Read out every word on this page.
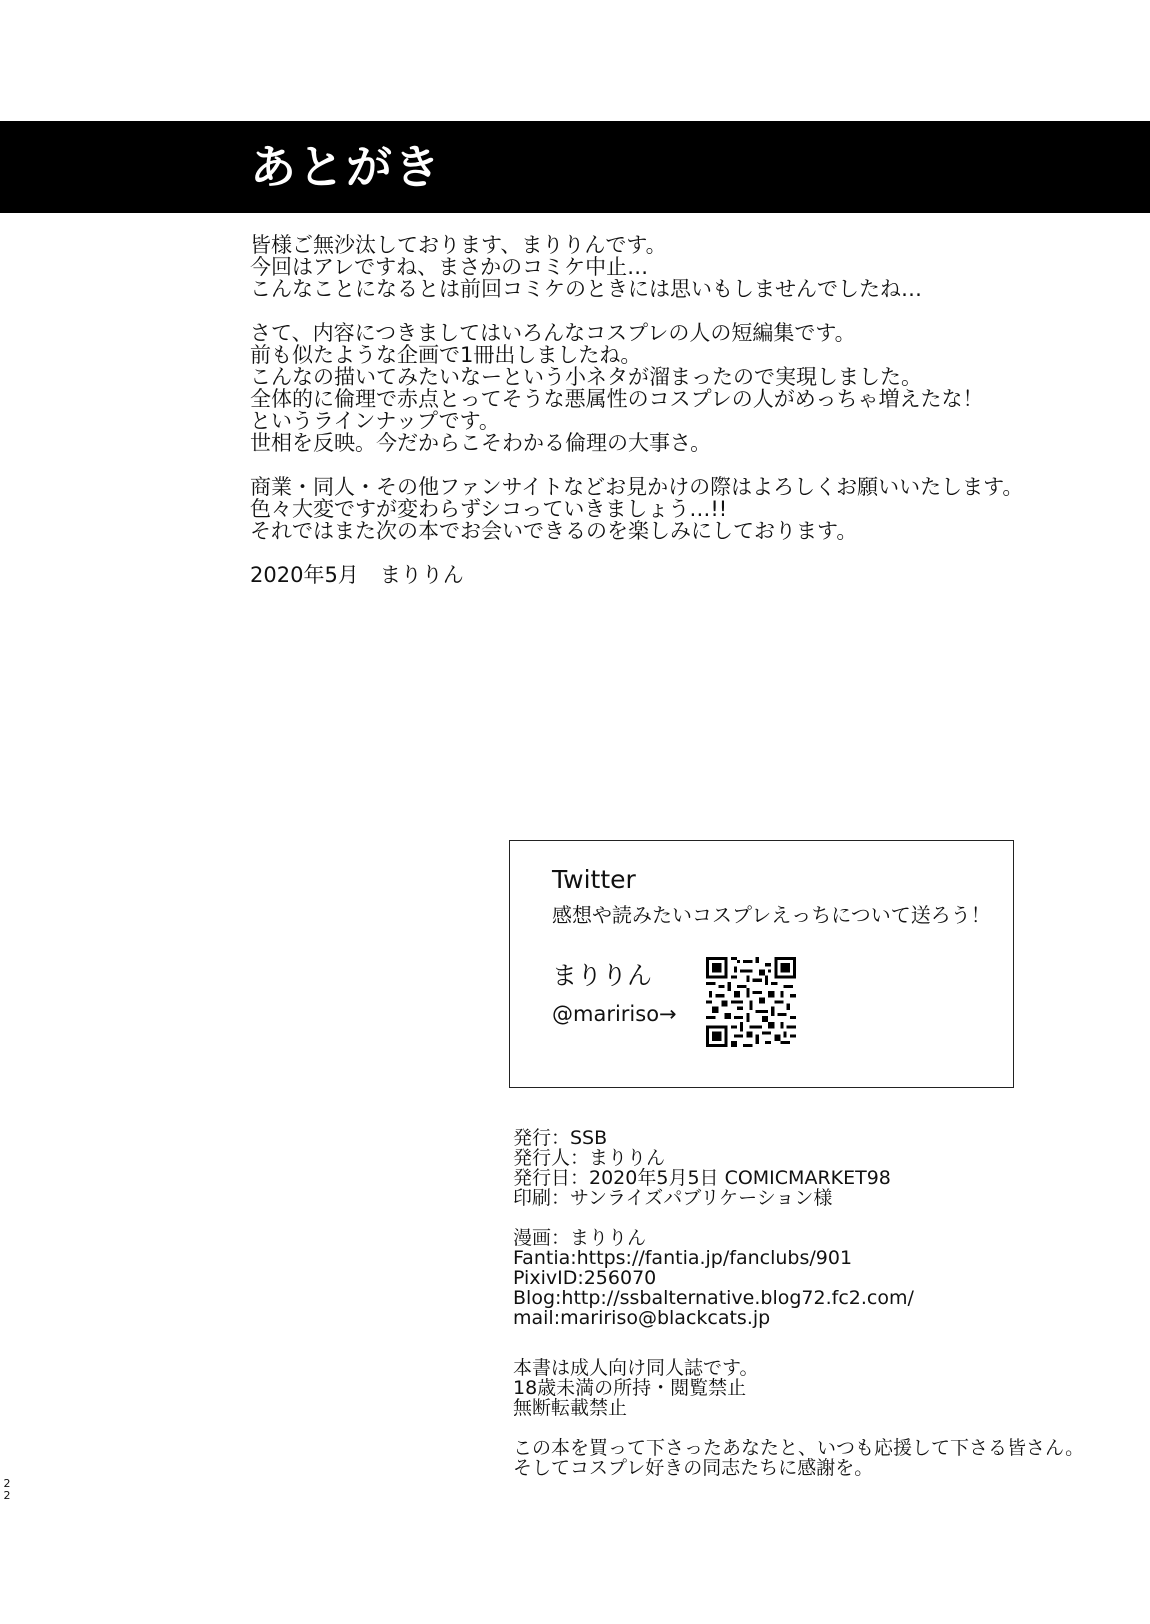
あとがき

皆様ご無沙汰しております、まりりんです。

今回はアレですね、まさかのコミケ中止…

こんなことになるとは前回コミケのときには思いもしませんでしたね…

さて、内容につきましてはいろんなコスプレの人の短編集です。

前も似たような企画で1冊出しましたね。

こんなの描いてみたいなーという小ネタが溜まったので実現しました。

全体的に倫理で赤点とってそうな悪属性のコスプレの人がめっちゃ増えたな！

というラインナップです。

世相を反映。今だからこそわかる倫理の大事さ。

商業・同人・その他ファンサイトなどお見かけの際はよろしくお願いいたします。

色々大変ですが変わらずシコっていきましょう…!!

それではまた次の本でお会いできるのを楽しみにしております。

2020年5月　 まりりん

Twitter
感想や読みたいコスプレえっちについて送ろう！
まりりん
@maririso→

発行：SSB

発行人：まりりん

発行日：2020年5月5日 COMICMARKET98

印刷：サンライズパブリケーション様

漫画：まりりん

Fantia:https://fantia.jp/fanclubs/901

PixivID:256070

Blog:http://ssbalternative.blog72.fc2.com/

mail:maririso@blackcats.jp

本書は成人向け同人誌です。

18歳未満の所持・閲覧禁止

無断転載禁止

この本を買って下さったあなたと、いつも応援して下さる皆さん。

そしてコスプレ好きの同志たちに感謝を。

2
2
